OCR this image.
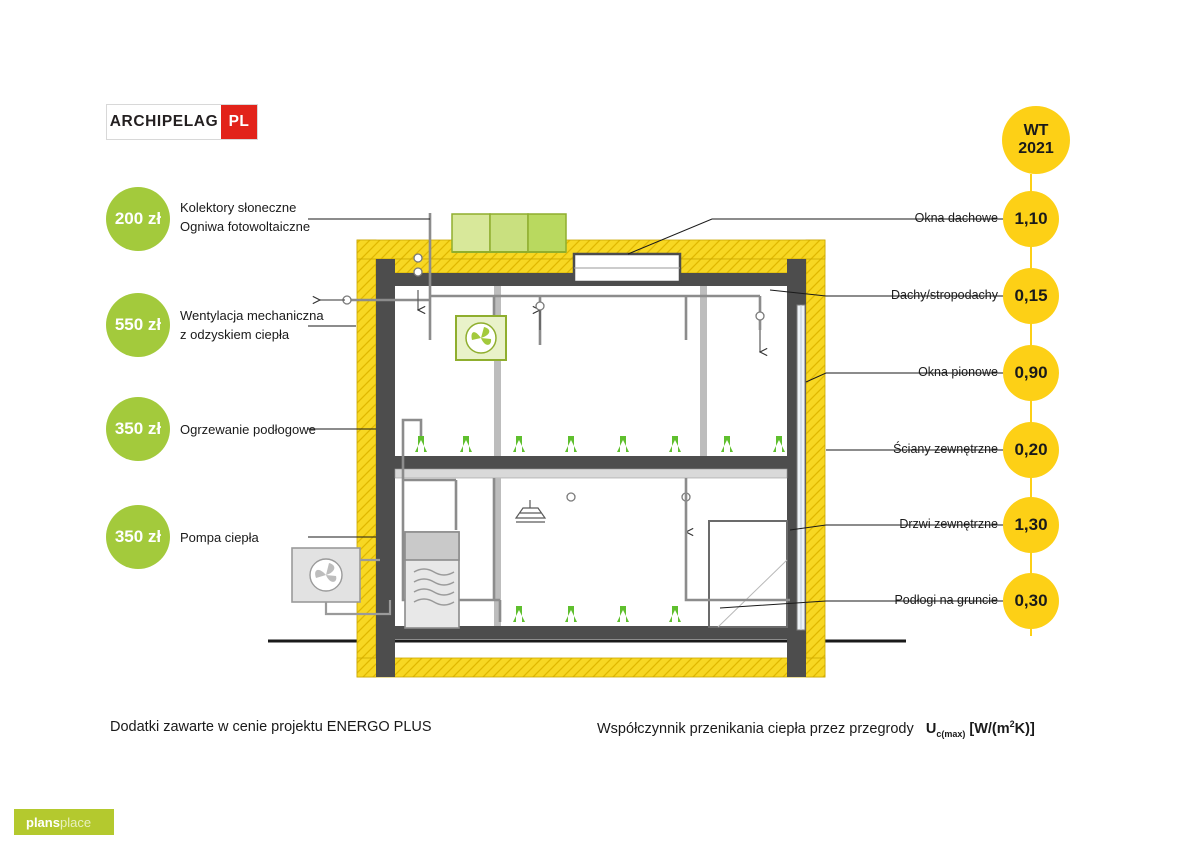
ARCHIPELAG PL
200 zł
Kolektory słoneczne
Ogniwa fotowoltaiczne
550 zł	Wentylacja mechaniczna
z odzyskiem ciepła
350 zł	Ogrzewanie podłogowe
350 zł	Pompa ciepła
WT
2021
Okna dachowe 1,10
Dachy/stropodachy 0,15
Okna pionowe 0,90
Ściany zewnętrzne 0,20
Drzwi zewnętrzne 1,30
Podłogi na gruncie 0,30
Dodatki zawarte w cenie projektu ENERGO PLUS	Współczynnik przenikania ciepła przez przegrody $U_{c(max)}$ $[W/(m^2K)]$
plans place
